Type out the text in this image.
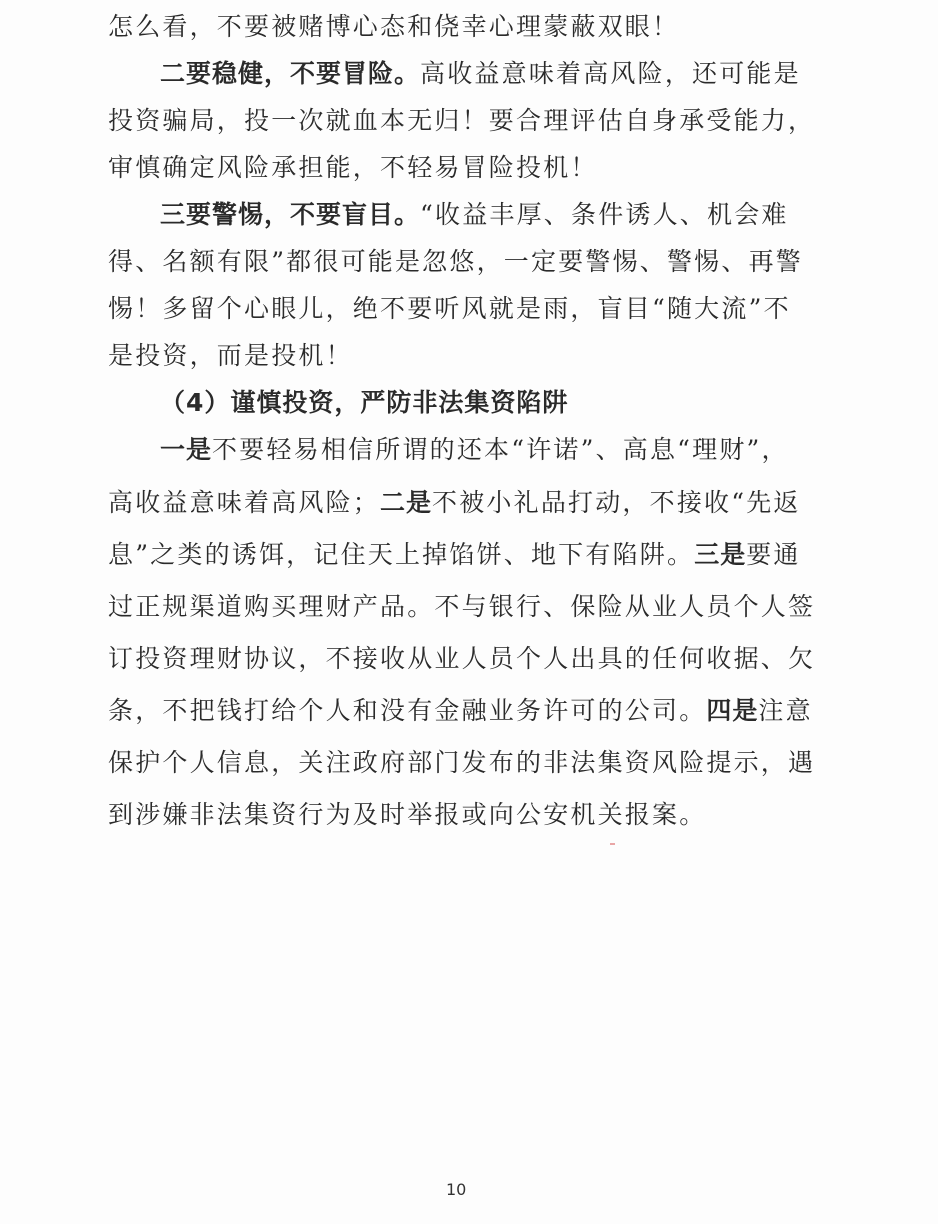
怎么看，不要被赌博心态和侥幸心理蒙蔽双眼！
二要稳健，不要冒险。高收益意味着高风险，还可能是
投资骗局，投一次就血本无归！要合理评估自身承受能力，
审慎确定风险承担能，不轻易冒险投机！
三要警惕，不要盲目。“收益丰厚、条件诱人、机会难
得、名额有限”都很可能是忽悠，一定要警惕、警惕、再警
惕！多留个心眼儿，绝不要听风就是雨，盲目“随大流”不
是投资，而是投机！
（4）谨慎投资，严防非法集资陷阱
一是不要轻易相信所谓的还本“许诺”、高息“理财”，
高收益意味着高风险；二是不被小礼品打动，不接收“先返
息”之类的诱饵，记住天上掉馅饼、地下有陷阱。三是要通
过正规渠道购买理财产品。不与银行、保险从业人员个人签
订投资理财协议，不接收从业人员个人出具的任何收据、欠
条，不把钱打给个人和没有金融业务许可的公司。四是注意
保护个人信息，关注政府部门发布的非法集资风险提示，遇
到涉嫌非法集资行为及时举报或向公安机关报案。
10
